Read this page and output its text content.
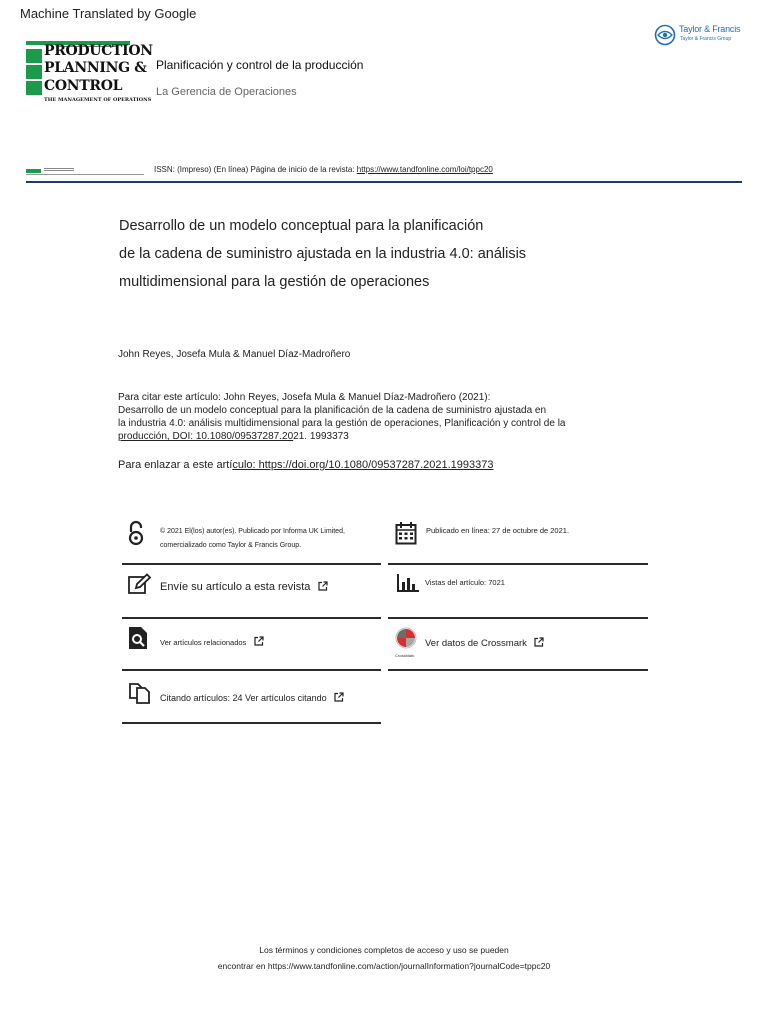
Machine Translated by Google
PRODUCTION
PLANNING &
CONTROL
THE MANAGEMENT OF OPERATIONS
Planificación y control de la producción
La Gerencia de Operaciones
Taylor & Francis
Taylor & Francis Group
ISSN: (Impreso) (En línea) Página de inicio de la revista: https://www.tandfonline.com/loi/tppc20
Desarrollo de un modelo conceptual para la planificación
de la cadena de suministro ajustada en la industria 4.0: análisis
multidimensional para la gestión de operaciones
John Reyes, Josefa Mula & Manuel Díaz-Madroñero

Para citar este artículo: John Reyes, Josefa Mula & Manuel Díaz-Madroñero (2021):
Desarrollo de un modelo conceptual para la planificación de la cadena de suministro ajustada en
la industria 4.0: análisis multidimensional para la gestión de operaciones, Planificación y control de la
producción, DOI: 10.1080/09537287.2021. 1993373

Para enlazar a este artículo: https://doi.org/10.1080/09537287.2021.1993373
© 2021 El(los) autor(es). Publicado por Informa UK Limited, comercializado como Taylor & Francis Group.
Publicado en línea: 27 de octubre de 2021.
Envíe su artículo a esta revista	Vistas del artículo: 7021
Ver artículos relacionados
CrossMark
Ver datos de Crossmark
Citando artículos: 24 Ver artículos citando
Los términos y condiciones completos de acceso y uso se pueden
encontrar en https://www.tandfonline.com/action/journalInformation?journalCode=tppc20
